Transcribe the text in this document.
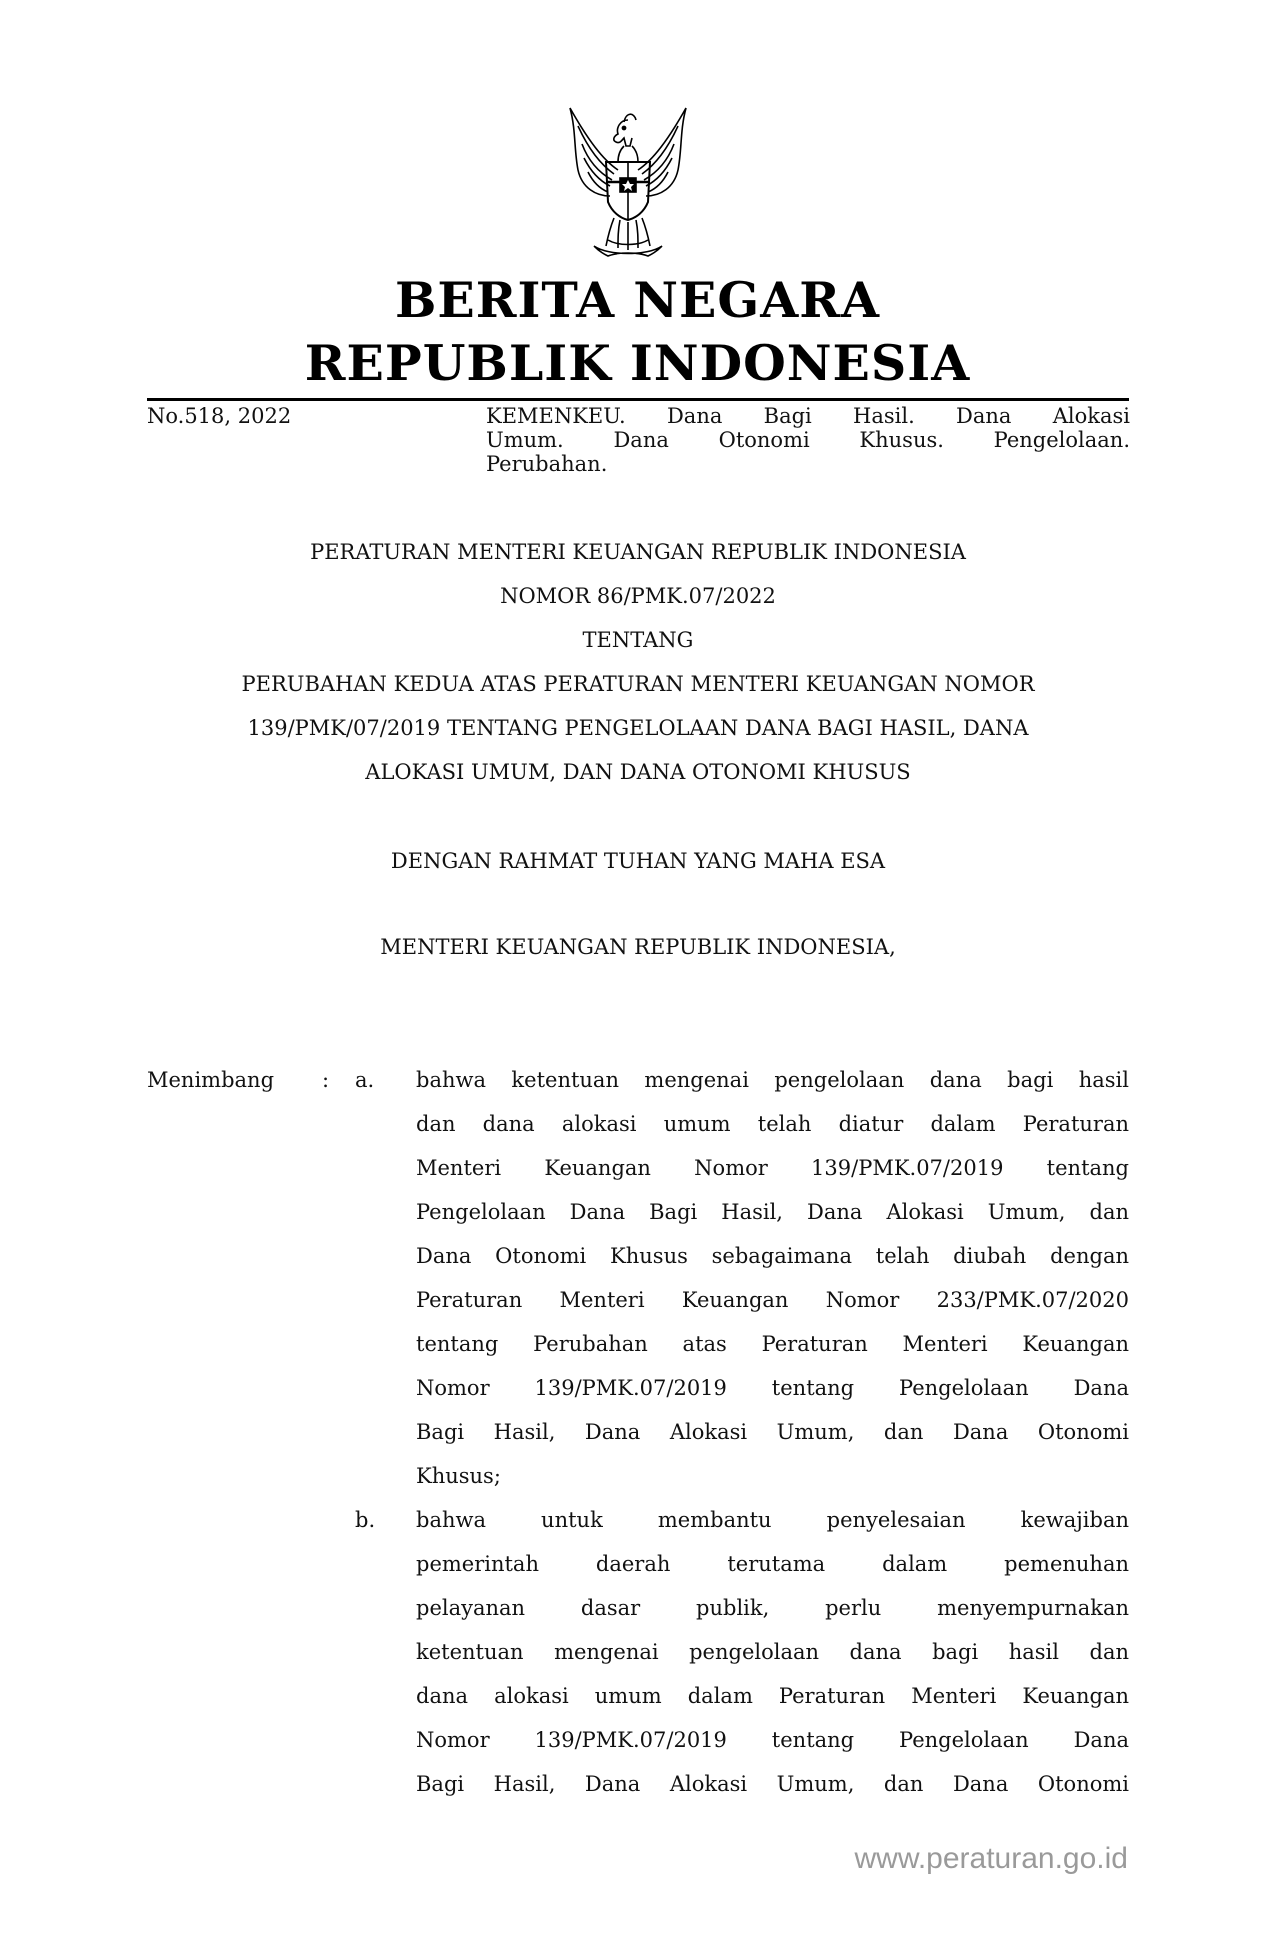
BERITA NEGARA
REPUBLIK INDONESIA
No.518, 2022	KEMENKEU. Dana Bagi Hasil. Dana Alokasi
Umum. Dana Otonomi Khusus. Pengelolaan.
Perubahan.
PERATURAN MENTERI KEUANGAN REPUBLIK INDONESIA
NOMOR 86/PMK.07/2022
TENTANG
PERUBAHAN KEDUA ATAS PERATURAN MENTERI KEUANGAN NOMOR
139/PMK/07/2019 TENTANG PENGELOLAAN DANA BAGI HASIL, DANA
ALOKASI UMUM, DAN DANA OTONOMI KHUSUS
DENGAN RAHMAT TUHAN YANG MAHA ESA
MENTERI KEUANGAN REPUBLIK INDONESIA,
Menimbang : a. bahwa ketentuan mengenai pengelolaan dana bagi hasil
dan dana alokasi umum telah diatur dalam Peraturan
Menteri Keuangan Nomor 139/PMK.07/2019 tentang
Pengelolaan Dana Bagi Hasil, Dana Alokasi Umum, dan
Dana Otonomi Khusus sebagaimana telah diubah dengan
Peraturan Menteri Keuangan Nomor 233/PMK.07/2020
tentang Perubahan atas Peraturan Menteri Keuangan
Nomor 139/PMK.07/2019 tentang Pengelolaan Dana
Bagi Hasil, Dana Alokasi Umum, dan Dana Otonomi
Khusus;
b. bahwa untuk membantu penyelesaian kewajiban
pemerintah daerah terutama dalam pemenuhan
pelayanan dasar publik, perlu menyempurnakan
ketentuan mengenai pengelolaan dana bagi hasil dan
dana alokasi umum dalam Peraturan Menteri Keuangan
Nomor 139/PMK.07/2019 tentang Pengelolaan Dana
Bagi Hasil, Dana Alokasi Umum, dan Dana Otonomi
www.peraturan.go.id
